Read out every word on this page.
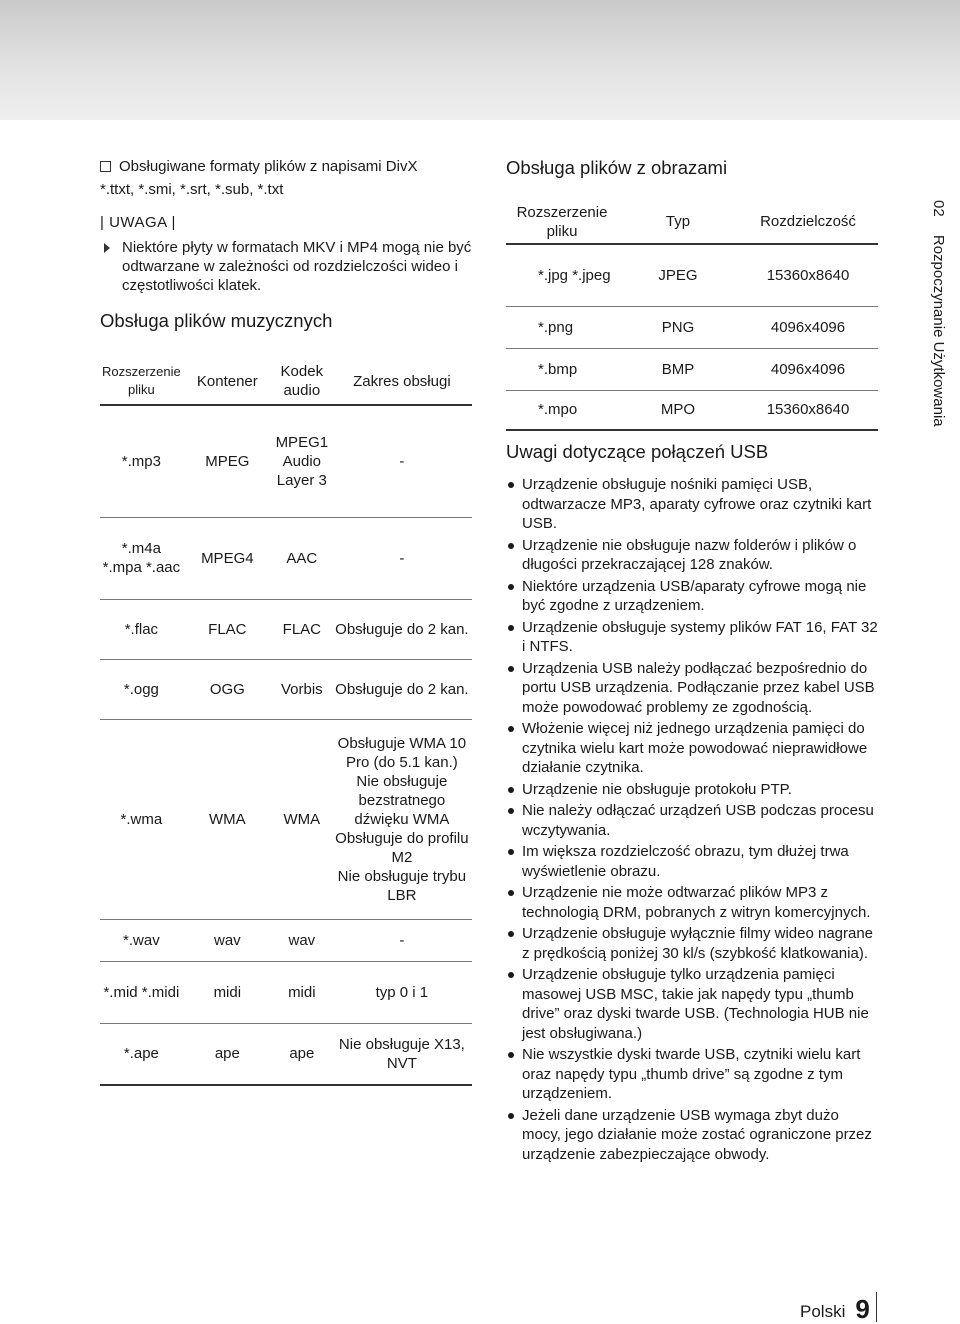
Obsługiwane formaty plików z napisami DivX
*.ttxt, *.smi, *.srt, *.sub, *.txt
| UWAGA |
Niektóre płyty w formatach MKV i MP4 mogą nie być odtwarzane w zależności od rozdzielczości wideo i częstotliwości klatek.
Obsługa plików muzycznych
Rozszerzenie pliku	Kontener	Kodek audio	Zakres obsługi
*.mp3	MPEG	MPEG1 Audio Layer 3	-
*.m4a *.mpa *.aac	MPEG4	AAC	-
*.flac	FLAC	FLAC	Obsługuje do 2 kan.
*.ogg	OGG	Vorbis	Obsługuje do 2 kan.
*.wma	WMA	WMA	Obsługuje WMA 10 Pro (do 5.1 kan.)
Nie obsługuje bezstratnego dźwięku WMA
Obsługuje do profilu M2
Nie obsługuje trybu LBR

*.wav	wav	wav	-
*.mid *.midi	midi	midi	typ 0 i 1
*.ape	ape	ape	Nie obsługuje X13, NVT
Obsługa plików z obrazami
Rozszerzenie pliku	Typ	Rozdzielczość
*.jpg *.jpeg	JPEG	15360x8640
*.png	PNG	4096x4096
*.bmp	BMP	4096x4096
*.mpo	MPO	15360x8640
Uwagi dotyczące połączeń USB
Urządzenie obsługuje nośniki pamięci USB, odtwarzacze MP3, aparaty cyfrowe oraz czytniki kart USB.
Urządzenie nie obsługuje nazw folderów i plików o długości przekraczającej 128 znaków.
Niektóre urządzenia USB/aparaty cyfrowe mogą nie być zgodne z urządzeniem.
Urządzenie obsługuje systemy plików FAT 16, FAT 32 i NTFS.
Urządzenia USB należy podłączać bezpośrednio do portu USB urządzenia. Podłączanie przez kabel USB może powodować problemy ze zgodnością.
Włożenie więcej niż jednego urządzenia pamięci do czytnika wielu kart może powodować nieprawidłowe działanie czytnika.
Urządzenie nie obsługuje protokołu PTP.
Nie należy odłączać urządzeń USB podczas procesu wczytywania.
Im większa rozdzielczość obrazu, tym dłużej trwa wyświetlenie obrazu.
Urządzenie nie może odtwarzać plików MP3 z technologią DRM, pobranych z witryn komercyjnych.
Urządzenie obsługuje wyłącznie filmy wideo nagrane z prędkością poniżej 30 kl/s (szybkość klatkowania).
Urządzenie obsługuje tylko urządzenia pamięci masowej USB MSC, takie jak napędy typu „thumb drive” oraz dyski twarde USB. (Technologia HUB nie jest obsługiwana.)
Nie wszystkie dyski twarde USB, czytniki wielu kart oraz napędy typu „thumb drive” są zgodne z tym urządzeniem.
Jeżeli dane urządzenie USB wymaga zbyt dużo mocy, jego działanie może zostać ograniczone przez urządzenie zabezpieczające obwody.
02 Rozpoczynanie Użytkowania
Polski 9
